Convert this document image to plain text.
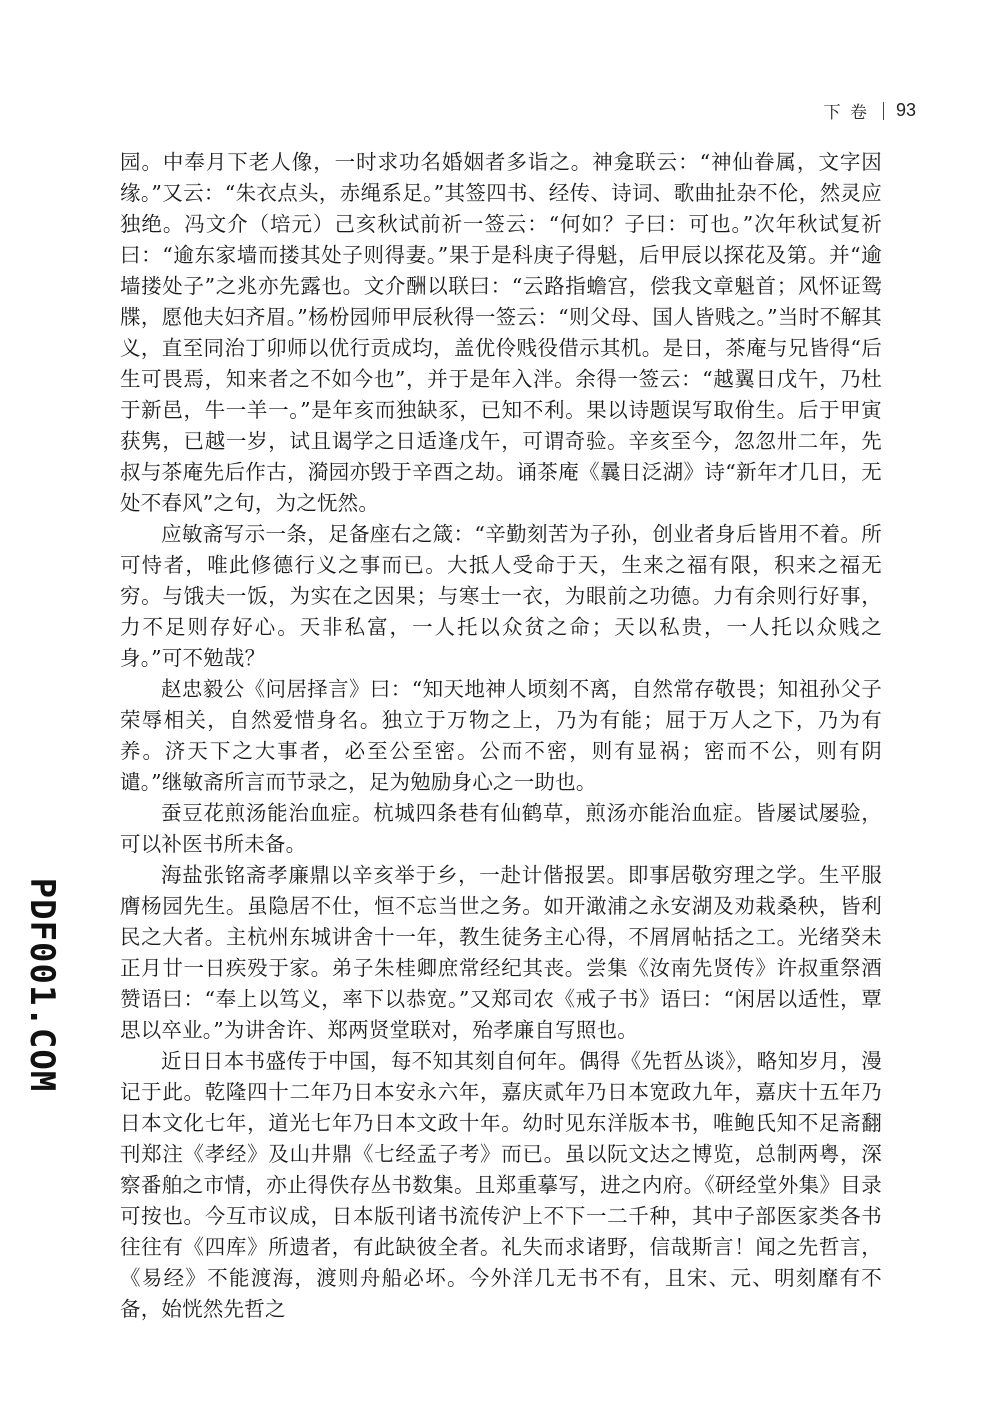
下 卷 93

园。中奉月下老人像，一时求功名婚姻者多诣之。神龛联云：“神仙眷属，文字因缘。”又云：“朱衣点头，赤绳系足。”其签四书、经传、诗词、歌曲扯杂不伦，然灵应独绝。冯文介（培元）己亥秋试前祈一签云：“何如？子曰：可也。”次年秋试复祈曰：“逾东家墙而搂其处子则得妻。”果于是科庚子得魁，后甲辰以探花及第。并“逾墙搂处子”之兆亦先露也。文介酬以联曰：“云路指蟾宫，偿我文章魁首；风怀证鸳牒，愿他夫妇齐眉。”杨枌园师甲辰秋得一签云：“则父母、国人皆贱之。”当时不解其义，直至同治丁卯师以优行贡成均，盖优伶贱役借示其机。是日，茶庵与兄皆得“后生可畏焉，知来者之不如今也”，并于是年入泮。余得一签云：“越翼日戊午，乃杜于新邑，牛一羊一。”是年亥而独缺豕，已知不利。果以诗题误写取佾生。后于甲寅获隽，已越一岁，试且谒学之日适逢戊午，可谓奇验。辛亥至今，忽忽卅二年，先叔与茶庵先后作古，漪园亦毁于辛酉之劫。诵茶庵《曩日泛湖》诗“新年才几日，无处不春风”之句，为之怃然。

应敏斋写示一条，足备座右之箴：“辛勤刻苦为子孙，创业者身后皆用不着。所可恃者，唯此修德行义之事而已。大抵人受命于天，生来之福有限，积来之福无穷。与饿夫一饭，为实在之因果；与寒士一衣，为眼前之功德。力有余则行好事，力不足则存好心。天非私富，一人托以众贫之命；天以私贵，一人托以众贱之身。”可不勉哉？

赵忠毅公《问居择言》曰：“知天地神人顷刻不离，自然常存敬畏；知祖孙父子荣辱相关，自然爱惜身名。独立于万物之上，乃为有能；屈于万人之下，乃为有养。济天下之大事者，必至公至密。公而不密，则有显祸；密而不公，则有阴谴。”继敏斋所言而节录之，足为勉励身心之一助也。

蚕豆花煎汤能治血症。杭城四条巷有仙鹤草，煎汤亦能治血症。皆屡试屡验，可以补医书所未备。

海盐张铭斋孝廉鼎以辛亥举于乡，一赴计偕报罢。即事居敬穷理之学。生平服膺杨园先生。虽隐居不仕，恒不忘当世之务。如开澉浦之永安湖及劝栽桑秧，皆利民之大者。主杭州东城讲舍十一年，教生徒务主心得，不屑屑帖括之工。光绪癸未正月廿一日疾殁于家。弟子朱桂卿庶常经纪其丧。尝集《汝南先贤传》许叔重祭酒赞语曰：“奉上以笃义，率下以恭宽。”又郑司农《戒子书》语曰：“闲居以适性，覃思以卒业。”为讲舍许、郑两贤堂联对，殆孝廉自写照也。

近日日本书盛传于中国，每不知其刻自何年。偶得《先哲丛谈》，略知岁月，漫记于此。乾隆四十二年乃日本安永六年，嘉庆贰年乃日本宽政九年，嘉庆十五年乃日本文化七年，道光七年乃日本文政十年。幼时见东洋版本书，唯鲍氏知不足斋翻刊郑注《孝经》及山井鼎《七经孟子考》而已。虽以阮文达之博览，总制两粤，深察番舶之市情，亦止得佚存丛书数集。且郑重摹写，进之内府。《研经堂外集》目录可按也。今互市议成，日本版刊诸书流传沪上不下一二千种，其中子部医家类各书往往有《四库》所遗者，有此缺彼全者。礼失而求诸野，信哉斯言！闻之先哲言，《易经》不能渡海，渡则舟船必坏。今外洋几无书不有，且宋、元、明刻靡有不备，始恍然先哲之

PDF001.COM
